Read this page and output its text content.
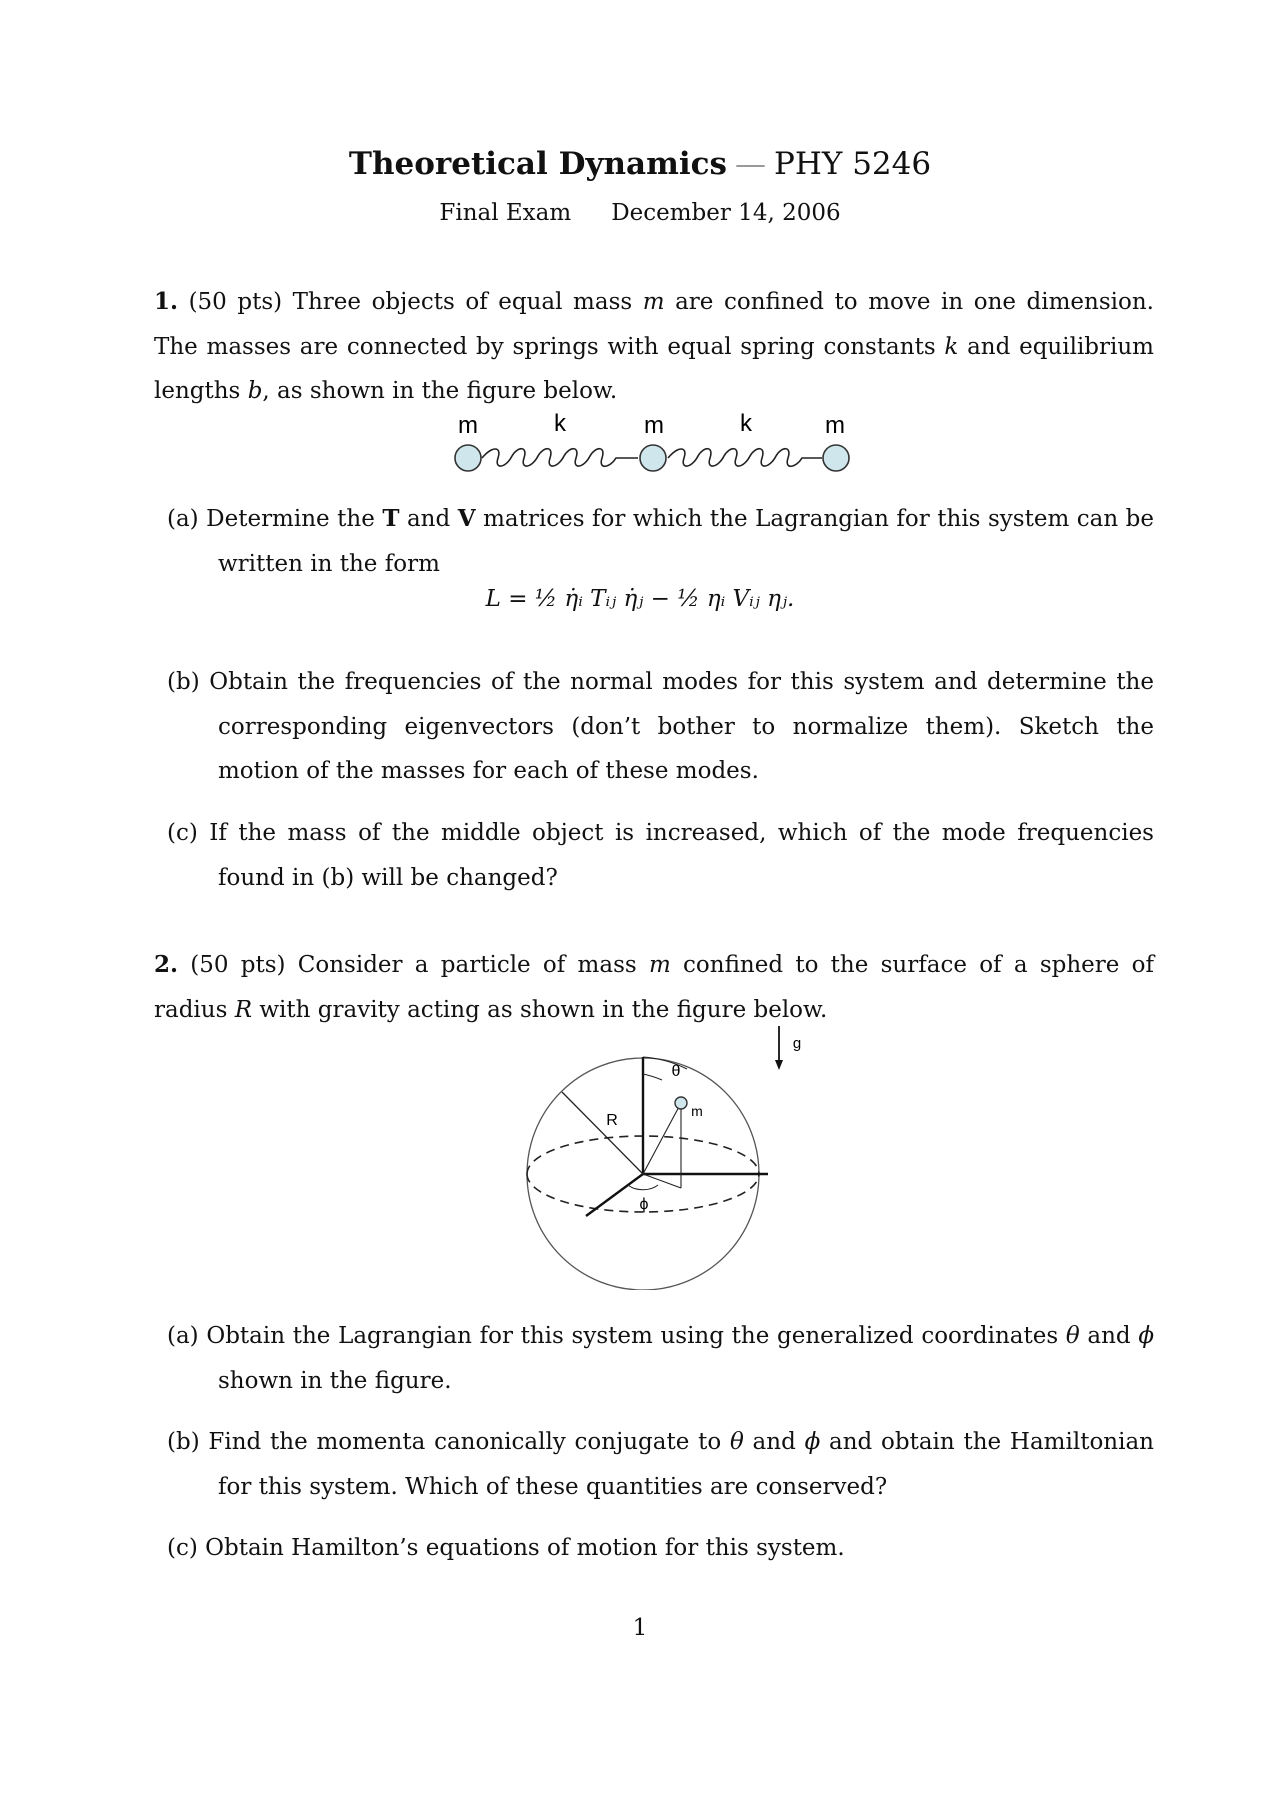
Theoretical Dynamics — PHY 5246
Final Exam December 14, 2006
1. (50 pts) Three objects of equal mass m are confined to move in one dimension. The masses are connected by springs with equal spring constants k and equilibrium lengths b, as shown in the figure below.
m	k	m	k	m
(a) Determine the T and V matrices for which the Lagrangian for this system can be written in the form
L = ½ η̇ᵢ Tᵢⱼ η̇ⱼ − ½ ηᵢ Vᵢⱼ ηⱼ.
(b) Obtain the frequencies of the normal modes for this system and determine the corresponding eigenvectors (don’t bother to normalize them). Sketch the motion of the masses for each of these modes.
(c) If the mass of the middle object is increased, which of the mode frequencies found in (b) will be changed?
2. (50 pts) Consider a particle of mass m confined to the surface of a sphere of radius R with gravity acting as shown in the figure below.
g
R
θ
m
ϕ
(a) Obtain the Lagrangian for this system using the generalized coordinates θ and ϕ shown in the figure.
(b) Find the momenta canonically conjugate to θ and ϕ and obtain the Hamiltonian for this system. Which of these quantities are conserved?
(c) Obtain Hamilton’s equations of motion for this system.
1
